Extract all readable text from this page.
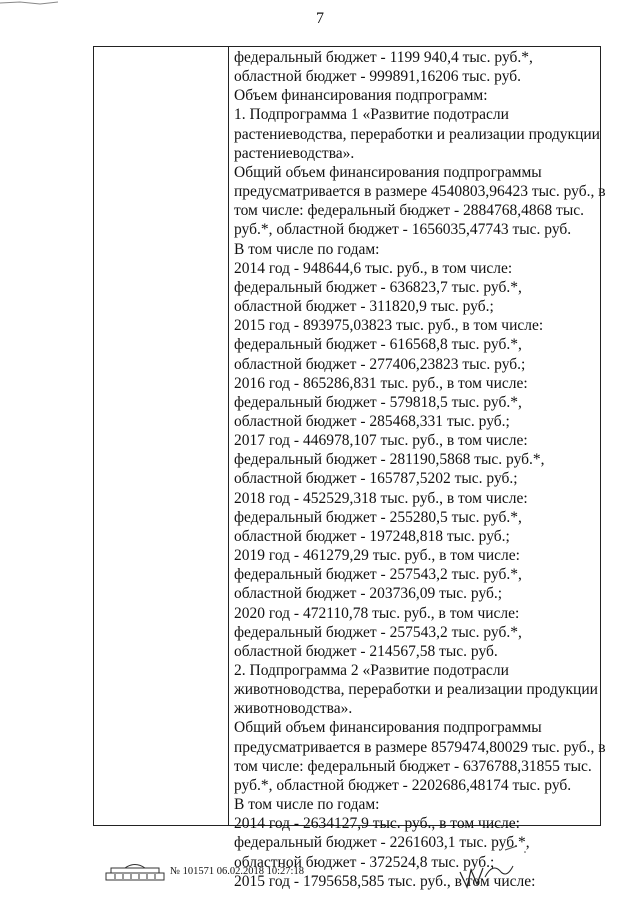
7
федеральный бюджет - 1199 940,4 тыс. руб.*,
областной бюджет - 999891,16206 тыс. руб.
Объем финансирования подпрограмм:
1. Подпрограмма 1 «Развитие подотрасли
растениеводства, переработки и реализации продукции
растениеводства».
Общий объем финансирования подпрограммы
предусматривается в размере 4540803,96423 тыс. руб., в
том числе: федеральный бюджет - 2884768,4868 тыс.
руб.*, областной бюджет - 1656035,47743 тыс. руб.
В том числе по годам:
2014 год - 948644,6 тыс. руб., в том числе:
федеральный бюджет - 636823,7 тыс. руб.*,
областной бюджет - 311820,9 тыс. руб.;
2015 год - 893975,03823 тыс. руб., в том числе:
федеральный бюджет - 616568,8 тыс. руб.*,
областной бюджет - 277406,23823 тыс. руб.;
2016 год - 865286,831 тыс. руб., в том числе:
федеральный бюджет - 579818,5 тыс. руб.*,
областной бюджет - 285468,331 тыс. руб.;
2017 год - 446978,107 тыс. руб., в том числе:
федеральный бюджет - 281190,5868 тыс. руб.*,
областной бюджет - 165787,5202 тыс. руб.;
2018 год - 452529,318 тыс. руб., в том числе:
федеральный бюджет - 255280,5 тыс. руб.*,
областной бюджет - 197248,818 тыс. руб.;
2019 год - 461279,29 тыс. руб., в том числе:
федеральный бюджет - 257543,2 тыс. руб.*,
областной бюджет - 203736,09 тыс. руб.;
2020 год - 472110,78 тыс. руб., в том числе:
федеральный бюджет - 257543,2 тыс. руб.*,
областной бюджет - 214567,58 тыс. руб.
2. Подпрограмма 2 «Развитие подотрасли
животноводства, переработки и реализации продукции
животноводства».
Общий объем финансирования подпрограммы
предусматривается в размере 8579474,80029 тыс. руб., в
том числе: федеральный бюджет - 6376788,31855 тыс.
руб.*, областной бюджет - 2202686,48174 тыс. руб.
В том числе по годам:
2014 год - 2634127,9 тыс. руб., в том числе:
федеральный бюджет - 2261603,1 тыс. руб.*,
областной бюджет - 372524,8 тыс. руб.;
2015 год - 1795658,585 тыс. руб., в том числе:
№ 101571 06.02.2018 10:27:18
